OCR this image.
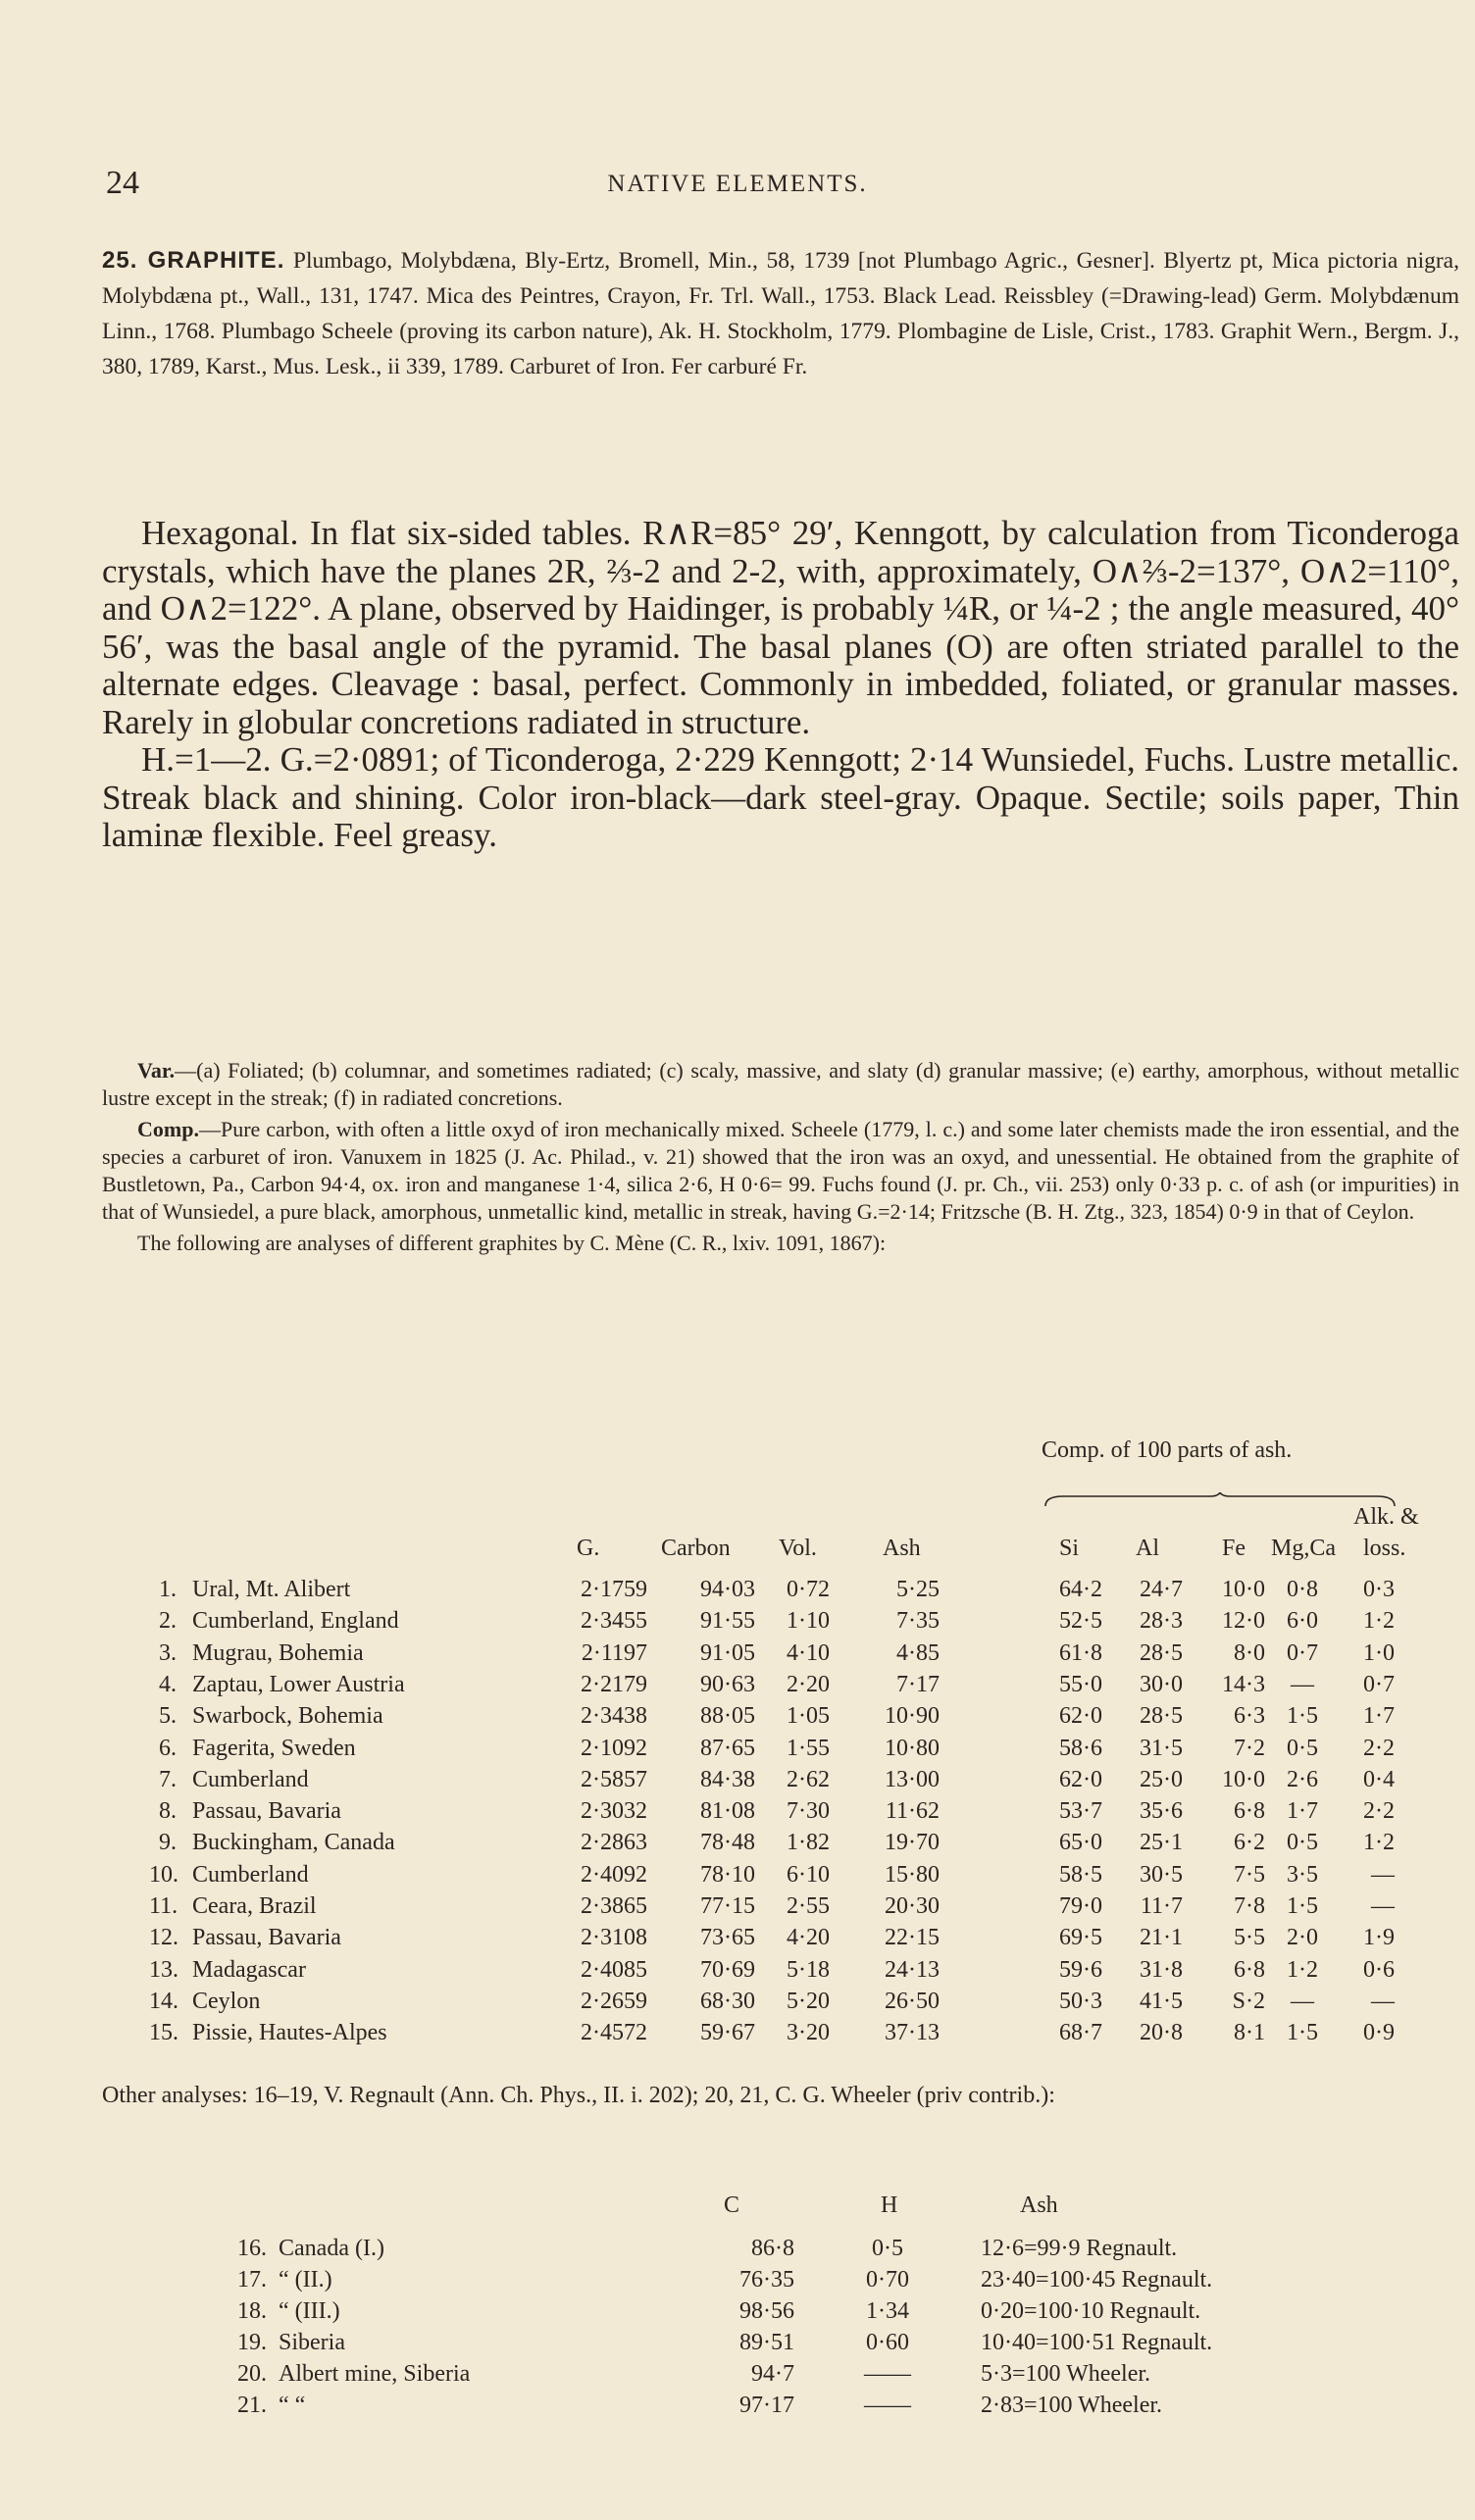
24	NATIVE ELEMENTS.
25. GRAPHITE. Plumbago, Molybdæna, Bly-Ertz, Bromell, Min., 58, 1739 [not Plumbago Agric., Gesner]. Blyertz pt, Mica pictoria nigra, Molybdæna pt., Wall., 131, 1747. Mica des Peintres, Crayon, Fr. Trl. Wall., 1753. Black Lead. Reissbley (=Drawing-lead) Germ. Molybdænum Linn., 1768. Plumbago Scheele (proving its carbon nature), Ak. H. Stockholm, 1779. Plombagine de Lisle, Crist., 1783. Graphit Wern., Bergm. J., 380, 1789, Karst., Mus. Lesk., ii 339, 1789. Carburet of Iron. Fer carburé Fr.

Hexagonal. In flat six-sided tables. R∧R=85° 29′, Kenngott, by calculation from Ticonderoga crystals, which have the planes 2R, ⅔-2 and 2-2, with, approximately, O∧⅔-2=137°, O∧2=110°, and O∧2=122°. A plane, observed by Haidinger, is probably ¼R, or ¼-2 ; the angle measured, 40° 56′, was the basal angle of the pyramid. The basal planes (O) are often striated parallel to the alternate edges. Cleavage : basal, perfect. Commonly in imbedded, foliated, or granular masses. Rarely in globular concretions radiated in structure.

H.=1—2. G.=2·0891; of Ticonderoga, 2·229 Kenngott; 2·14 Wunsiedel, Fuchs. Lustre metallic. Streak black and shining. Color iron-black—dark steel-gray. Opaque. Sectile; soils paper, Thin laminæ flexible. Feel greasy.

Var.—(a) Foliated; (b) columnar, and sometimes radiated; (c) scaly, massive, and slaty (d) granular massive; (e) earthy, amorphous, without metallic lustre except in the streak; (f) in radiated concretions.

Comp.—Pure carbon, with often a little oxyd of iron mechanically mixed. Scheele (1779, l. c.) and some later chemists made the iron essential, and the species a carburet of iron. Vanuxem in 1825 (J. Ac. Philad., v. 21) showed that the iron was an oxyd, and unessential. He obtained from the graphite of Bustletown, Pa., Carbon 94·4, ox. iron and manganese 1·4, silica 2·6, H 0·6= 99. Fuchs found (J. pr. Ch., vii. 253) only 0·33 p. c. of ash (or impurities) in that of Wunsiedel, a pure black, amorphous, unmetallic kind, metallic in streak, having G.=2·14; Fritzsche (B. H. Ztg., 323, 1854) 0·9 in that of Ceylon.

The following are analyses of different graphites by C. Mène (C. R., lxiv. 1091, 1867):

Comp. of 100 parts of ash.
Alk. &
G.	Carbon Vol.	Ash	Si Al	Fe Mg,Ca loss.
1. Ural, Mt. Alibert	2·1759	94·03	0·72	5·25	64·2	24·7	10·0 0·8	0·3
2. Cumberland, England	2·3455	91·55	1·10	7·35	52·5	28·3	12·0 6·0	1·2
3. Mugrau, Bohemia	2·1197	91·05	4·10	4·85	61·8	28·5	8·0 0·7	1·0
4. Zaptau, Lower Austria	2·2179	90·63	2·20	7·17	55·0	30·0	14·3	—	0·7
5. Swarbock, Bohemia	2·3438	88·05	1·05	10·90	62·0	28·5	6·3 1·5	1·7
6. Fagerita, Sweden	2·1092	87·65	1·55	10·80	58·6	31·5	7·2 0·5	2·2
7. Cumberland	2·5857	84·38	2·62	13·00	62·0	25·0	10·0 2·6	0·4
8. Passau, Bavaria	2·3032	81·08	7·30	11·62	53·7	35·6	6·8 1·7	2·2
9. Buckingham, Canada	2·2863	78·48	1·82	19·70	65·0	25·1	6·2 0·5	1·2
10. Cumberland	2·4092	78·10	6·10	15·80	58·5	30·5	7·5 3·5	—
11. Ceara, Brazil	2·3865	77·15	2·55	20·30	79·0	11·7	7·8 1·5	—
12. Passau, Bavaria	2·3108	73·65	4·20	22·15	69·5	21·1	5·5 2·0	1·9
13. Madagascar	2·4085	70·69	5·18	24·13	59·6	31·8	6·8 1·2	0·6
14. Ceylon	2·2659	68·30	5·20	26·50	50·3	41·5	S·2	—	—
15. Pissie, Hautes-Alpes	2·4572	59·67	3·20	37·13	68·7	20·8	8·1 1·5	0·9
Other analyses: 16–19, V. Regnault (Ann. Ch. Phys., II. i. 202); 20, 21, C. G. Wheeler (priv contrib.):
C	H	Ash
16. Canada (I.)	86·8	0·5	12·6=99·9 Regnault.
17. “ (II.)	76·35	0·70	23·40=100·45 Regnault.
18. “ (III.)	98·56	1·34	0·20=100·10 Regnault.
19. Siberia	89·51	0·60	10·40=100·51 Regnault.
20. Albert mine, Siberia	94·7	——	5·3=100 Wheeler.
21. “ “	97·17	——	2·83=100 Wheeler.
